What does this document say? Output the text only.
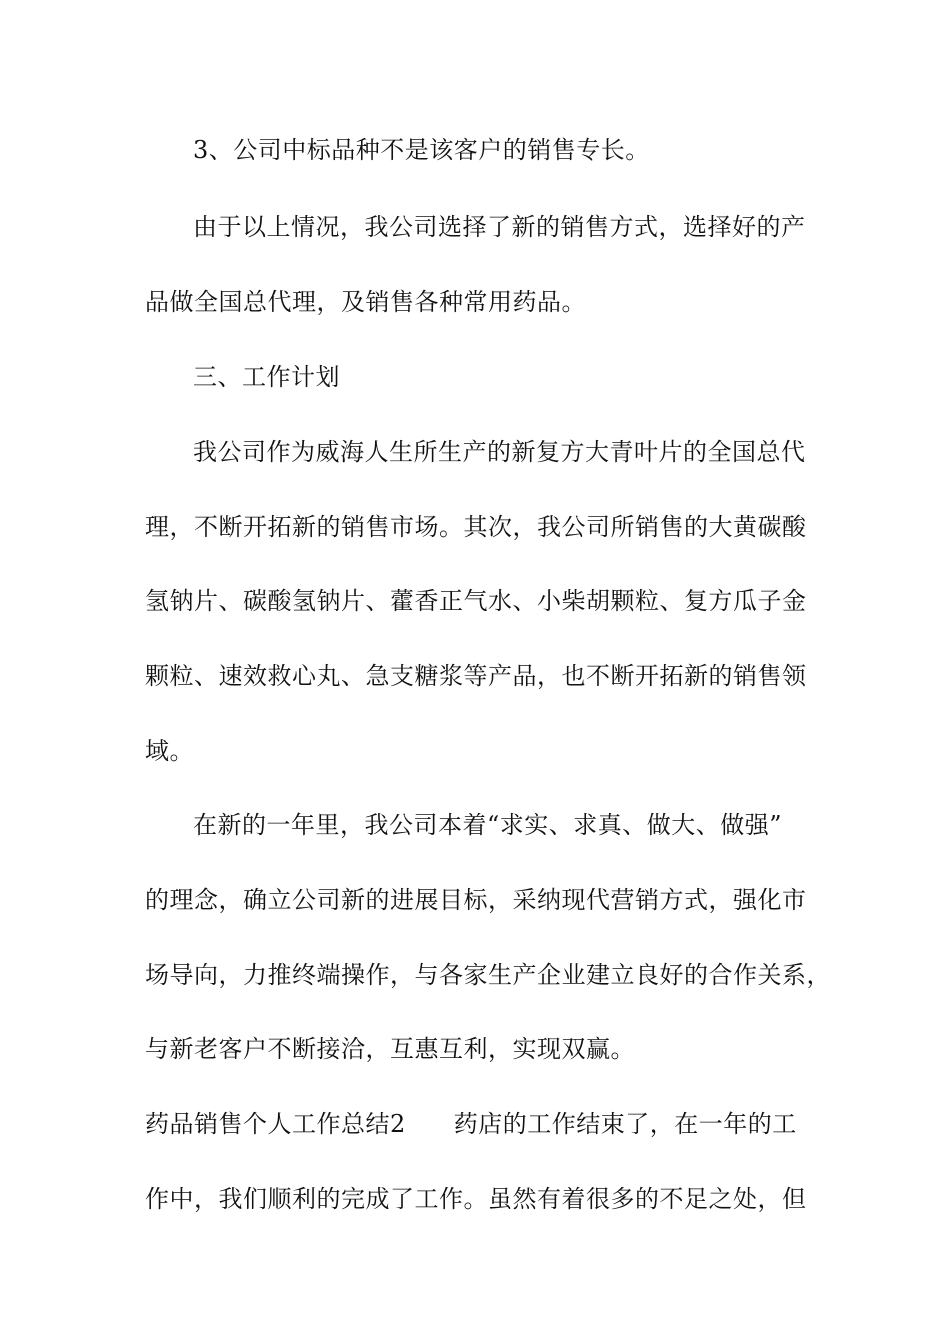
3、公司中标品种不是该客户的销售专长。
由于以上情况，我公司选择了新的销售方式，选择好的产
品做全国总代理，及销售各种常用药品。
三、工作计划
我公司作为威海人生所生产的新复方大青叶片的全国总代
理，不断开拓新的销售市场。其次，我公司所销售的大黄碳酸
氢钠片、碳酸氢钠片、藿香正气水、小柴胡颗粒、复方瓜子金
颗粒、速效救心丸、急支糖浆等产品，也不断开拓新的销售领
域。
在新的一年里，我公司本着“求实、求真、做大、做强”
的理念，确立公司新的进展目标，采纳现代营销方式，强化市
场导向，力推终端操作，与各家生产企业建立良好的合作关系，
与新老客户不断接洽，互惠互利，实现双赢。
药品销售个人工作总结2 药店的工作结束了，在一年的工
作中，我们顺利的完成了工作。虽然有着很多的不足之处，但
